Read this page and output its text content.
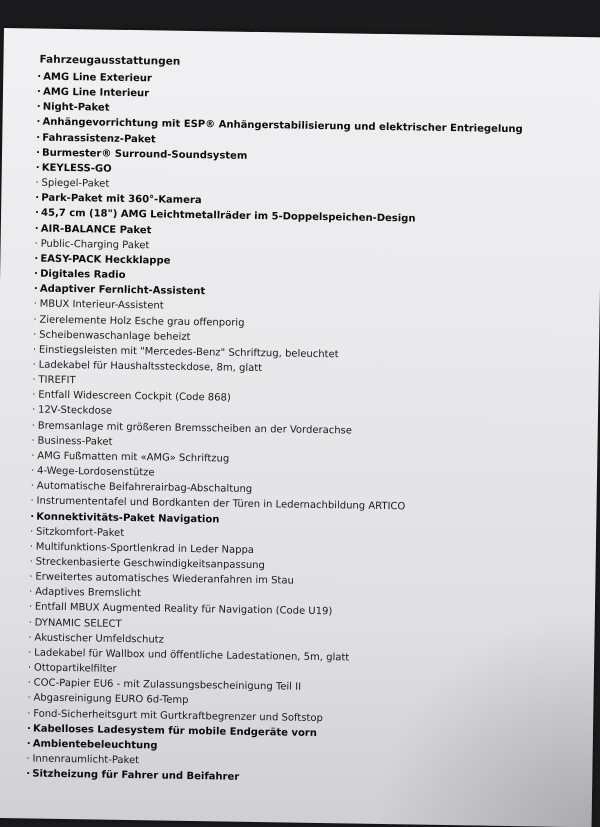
Fahrzeugausstattungen
· AMG Line Exterieur
· AMG Line Interieur
· Night-Paket
· Anhängevorrichtung mit ESP® Anhängerstabilisierung und elektrischer Entriegelung
· Fahrassistenz-Paket
· Burmester® Surround-Soundsystem
· KEYLESS-GO
· Spiegel-Paket
· Park-Paket mit 360°-Kamera
· 45,7 cm (18") AMG Leichtmetallräder im 5-Doppelspeichen-Design
· AIR-BALANCE Paket
· Public-Charging Paket
· EASY-PACK Heckklappe
· Digitales Radio
· Adaptiver Fernlicht-Assistent
· MBUX Interieur-Assistent
· Zierelemente Holz Esche grau offenporig
· Scheibenwaschanlage beheizt
· Einstiegsleisten mit "Mercedes-Benz" Schriftzug, beleuchtet
· Ladekabel für Haushaltssteckdose, 8m, glatt
· TIREFIT
· Entfall Widescreen Cockpit (Code 868)
· 12V-Steckdose
· Bremsanlage mit größeren Bremsscheiben an der Vorderachse
· Business-Paket
· AMG Fußmatten mit «AMG» Schriftzug
· 4-Wege-Lordosenstütze
· Automatische Beifahrerairbag-Abschaltung
· Instrumententafel und Bordkanten der Türen in Ledernachbildung ARTICO
· Konnektivitäts-Paket Navigation
· Sitzkomfort-Paket
· Multifunktions-Sportlenkrad in Leder Nappa
· Streckenbasierte Geschwindigkeitsanpassung
· Erweitertes automatisches Wiederanfahren im Stau
· Adaptives Bremslicht
· Entfall MBUX Augmented Reality für Navigation (Code U19)
· DYNAMIC SELECT
· Akustischer Umfeldschutz
· Ladekabel für Wallbox und öffentliche Ladestationen, 5m, glatt
· Ottopartikelfilter
· COC-Papier EU6 - mit Zulassungsbescheinigung Teil II
· Abgasreinigung EURO 6d-Temp
· Fond-Sicherheitsgurt mit Gurtkraftbegrenzer und Softstop
· Kabelloses Ladesystem für mobile Endgeräte vorn
· Ambientebeleuchtung
· Innenraumlicht-Paket
· Sitzheizung für Fahrer und Beifahrer
